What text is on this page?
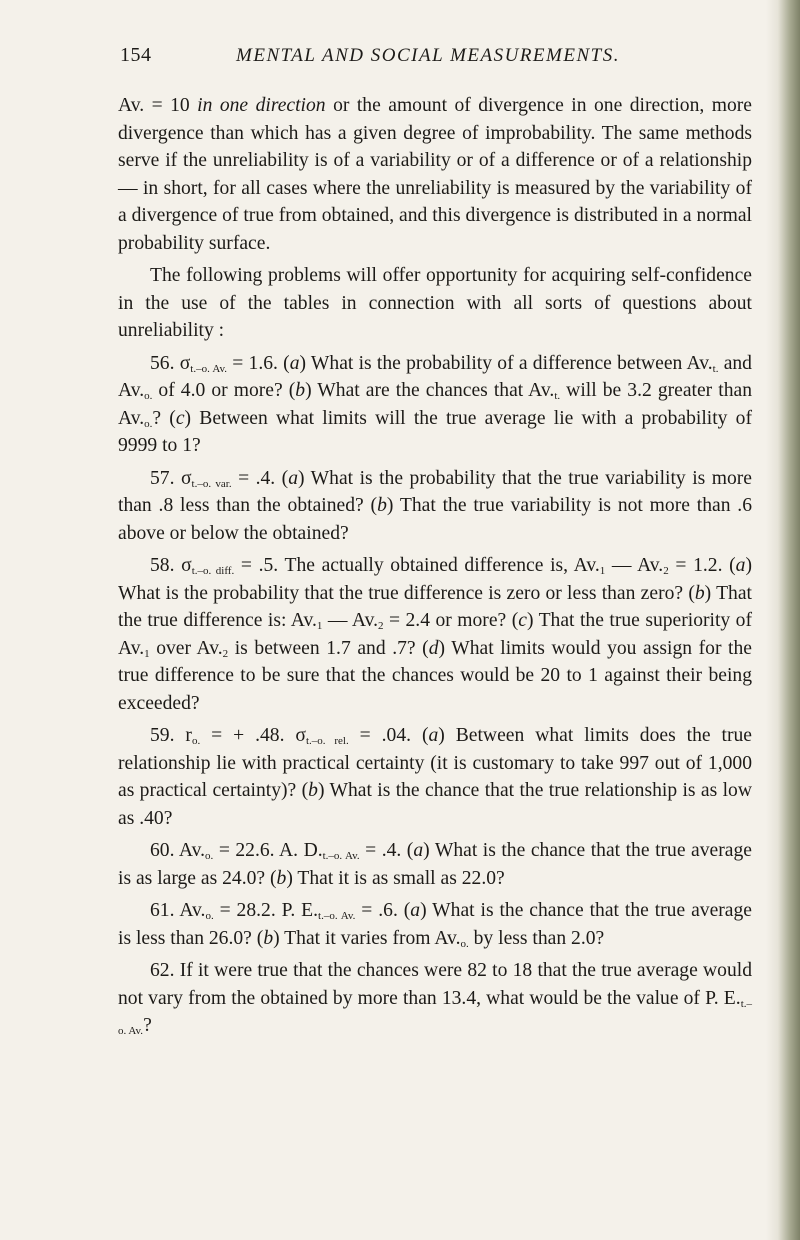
154	MENTAL AND SOCIAL MEASUREMENTS.

Av. = 10 in one direction or the amount of divergence in one direction, more divergence than which has a given degree of improbability. The same methods serve if the unreliability is of a variability or of a difference or of a relationship — in short, for all cases where the unreliability is measured by the variability of a divergence of true from obtained, and this divergence is distributed in a normal probability surface.

The following problems will offer opportunity for acquiring self-confidence in the use of the tables in connection with all sorts of questions about unreliability :

56. $\sigma_{t.-o. Av.} = 1.6$. (a) What is the probability of a difference between $Av._{t.}$ and $Av._{o.}$ of 4.0 or more? (b) What are the chances that $Av._{t.}$ will be 3.2 greater than $Av._{o.}$? (c) Between what limits will the true average lie with a probability of 9999 to 1?

57. $\sigma_{t.-o. var.} = .4$. (a) What is the probability that the true variability is more than .8 less than the obtained? (b) That the true variability is not more than .6 above or below the obtained?

58. $\sigma_{t.-o. diff.} = .5$. The actually obtained difference is, $Av._1$ — $Av._2 = 1.2$. (a) What is the probability that the true difference is zero or less than zero? (b) That the true difference is: $Av._1$ — $Av._2 = 2.4$ or more? (c) That the true superiority of $Av._1$ over $Av._2$ is between 1.7 and .7? (d) What limits would you assign for the true difference to be sure that the chances would be 20 to 1 against their being exceeded?

59. $r_{o.}$ = + .48. $\sigma_{t.-o. rel.} = .04$. (a) Between what limits does the true relationship lie with practical certainty (it is customary to take 997 out of 1,000 as practical certainty)? (b) What is the chance that the true relationship is as low as .40?

60. $Av._{o.} = 22.6$. A. $D._{t.-o. Av.} = .4$. (a) What is the chance that the true average is as large as 24.0? (b) That it is as small as 22.0?

61. $Av._{o.} = 28.2$. P. $E._{t.-o. Av.} = .6$. (a) What is the chance that the true average is less than 26.0? (b) That it varies from $Av._{o.}$ by less than 2.0?

62. If it were true that the chances were 82 to 18 that the true average would not vary from the obtained by more than 13.4, what would be the value of P. $E._{t.-o. Av.}$?
